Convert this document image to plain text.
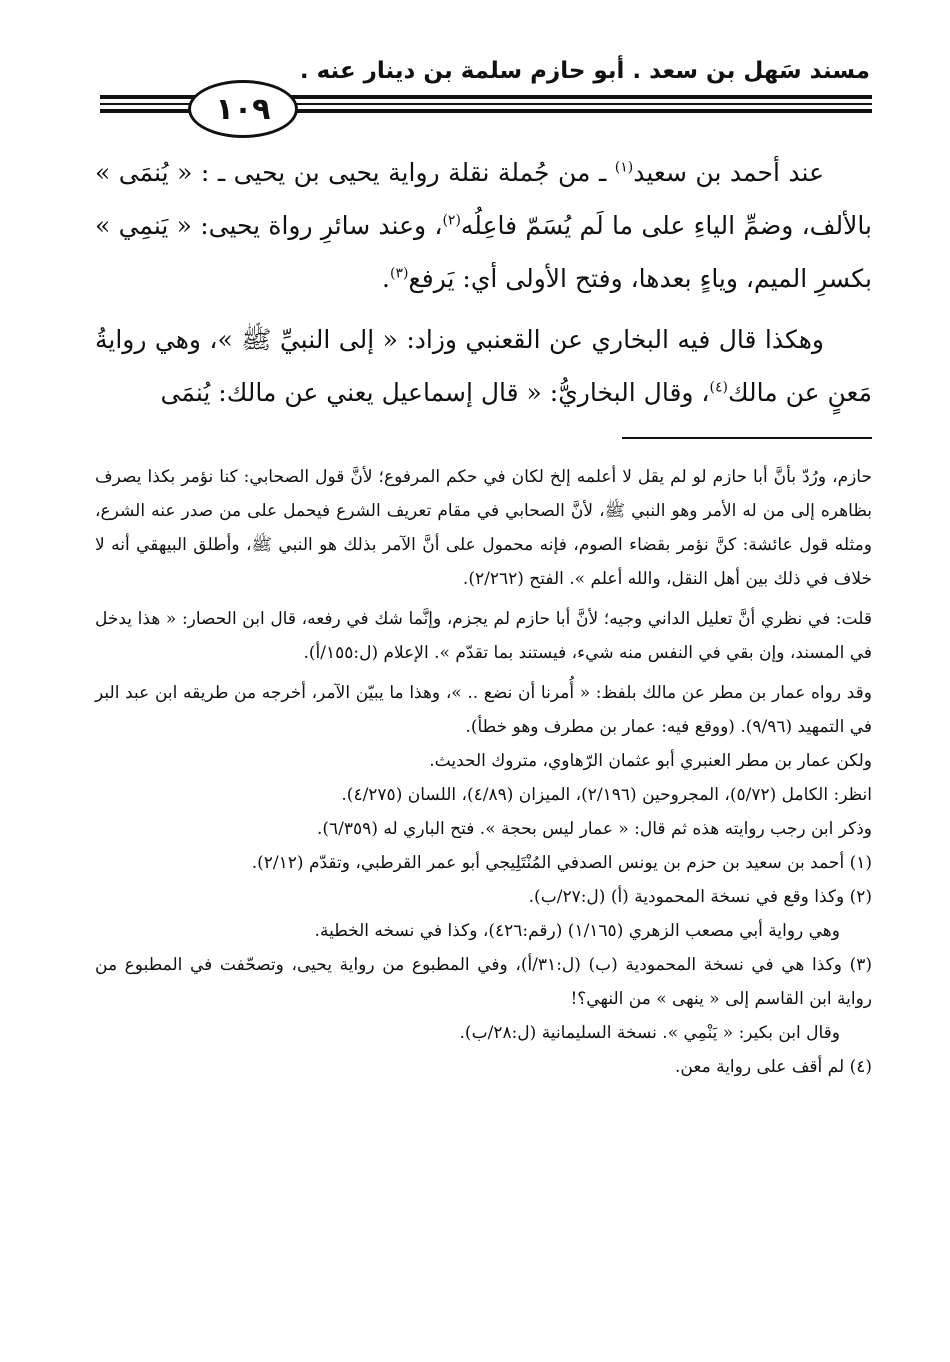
مسند سَهل بن سعد . أبو حازم سلمة بن دينار عنه .
١٠٩

عند أحمد بن سعيد$^{(١)}$ ـ من جُملة نقلة رواية يحيى بن يحيى ـ : « يُنمَى » بالألف، وضمِّ الياءِ على ما لَم يُسَمّ فاعِلُه$^{(٢)}$، وعند سائرِ رواة يحيى: « يَنمِي » بكسرِ الميم، وياءٍ بعدها، وفتح الأولى أي: يَرفع$^{(٣)}$.

وهكذا قال فيه البخاري عن القعنبي وزاد: « إلى النبيِّ ﷺ »، وهي روايةُ مَعنٍ عن مالك$^{(٤)}$، وقال البخاريُّ: « قال إسماعيل يعني عن مالك: يُنمَى

حازم، ورُدّ بأنَّ أبا حازم لو لم يقل لا أعلمه إلخ لكان في حكم المرفوع؛ لأنَّ قول الصحابي: كنا نؤمر بكذا يصرف بظاهره إلى من له الأمر وهو النبي ﷺ، لأنَّ الصحابي في مقام تعريف الشرع فيحمل على من صدر عنه الشرع، ومثله قول عائشة: كنَّ نؤمر بقضاء الصوم، فإنه محمول على أنَّ الآمر بذلك هو النبي ﷺ، وأطلق البيهقي أنه لا خلاف في ذلك بين أهل النقل، والله أعلم ». الفتح (٢/٢٦٢).

قلت: في نظري أنَّ تعليل الداني وجيه؛ لأنَّ أبا حازم لم يجزم، وإنَّما شك في رفعه، قال ابن الحصار: « هذا يدخل في المسند، وإن بقي في النفس منه شيء، فيستند بما تقدّم ». الإعلام (ل:١٥٥/أ).

وقد رواه عمار بن مطر عن مالك بلفظ: « أُمرنا أن نضع .. »، وهذا ما يبيّن الآمر، أخرجه من طريقه ابن عبد البر في التمهيد (٩/٩٦). (ووقع فيه: عمار بن مطرف وهو خطأ).

ولكن عمار بن مطر العنبري أبو عثمان الرّهاوي، متروك الحديث.

انظر: الكامل (٥/٧٢)، المجروحين (٢/١٩٦)، الميزان (٤/٨٩)، اللسان (٤/٢٧٥).

وذكر ابن رجب روايته هذه ثم قال: « عمار ليس بحجة ». فتح الباري له (٦/٣٥٩).

(١) أحمد بن سعيد بن حزم بن يونس الصدفي المُنْتَلِيجي أبو عمر القرطبي، وتقدّم (٢/١٢).

(٢) وكذا وقع في نسخة المحمودية (أ) (ل:٢٧/ب).

وهي رواية أبي مصعب الزهري (١/١٦٥) (رقم:٤٢٦)، وكذا في نسخه الخطية.

(٣) وكذا هي في نسخة المحمودية (ب) (ل:٣١/أ)، وفي المطبوع من رواية يحيى، وتصحّفت في المطبوع من رواية ابن القاسم إلى « ينهى » من النهي؟!

وقال ابن بكير: « يَنْمِي ». نسخة السليمانية (ل:٢٨/ب).

(٤) لم أقف على رواية معن.
